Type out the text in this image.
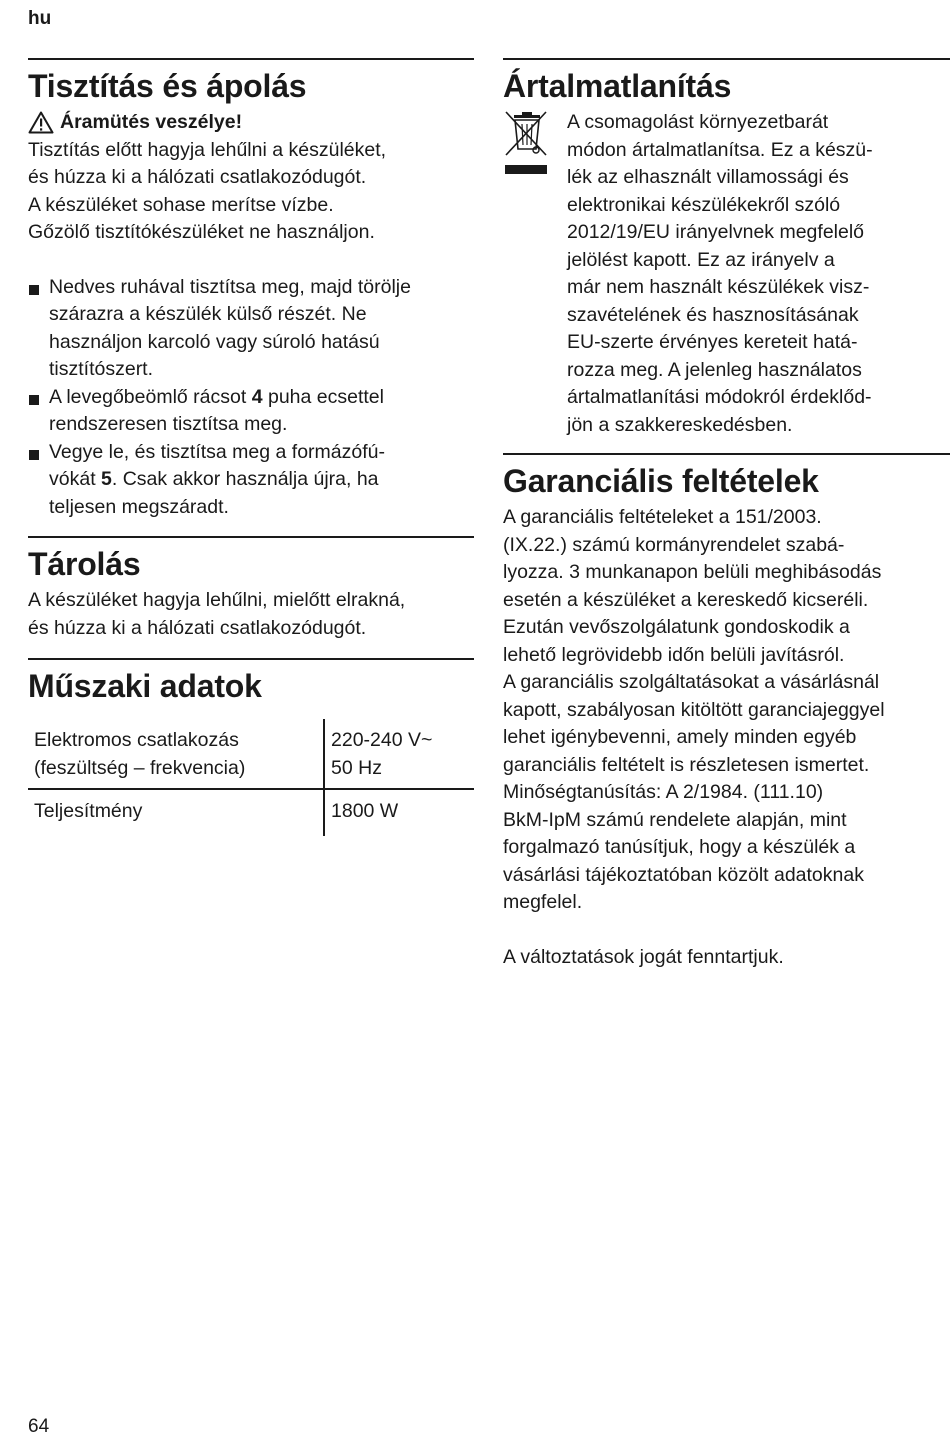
hu
Tisztítás és ápolás
Áramütés veszélye!

Tisztítás előtt hagyja lehűlni a készüléket,
és húzza ki a hálózati csatlakozódugót.
A készüléket sohase merítse vízbe.
Gőzölő tisztítókészüléket ne használjon.

Nedves ruhával tisztítsa meg, majd törölje
szárazra a készülék külső részét. Ne
használjon karcoló vagy súroló hatású
tisztítószert.
A levegőbeömlő rácsot 4 puha ecsettel
rendszeresen tisztítsa meg.
Vegye le, és tisztítsa meg a formázófú-
vókát 5. Csak akkor használja újra, ha
teljesen megszáradt.
Tárolás

A készüléket hagyja lehűlni, mielőtt elrakná,
és húzza ki a hálózati csatlakozódugót.

Műszaki adatok
Elektromos csatlakozás
(feszültség – frekvencia)	220-240 V~
50 Hz
Teljesítmény	1800 W
Ártalmatlanítás

A csomagolást környezetbarát
módon ártalmatlanítsa. Ez a készü-
lék az elhasznált villamossági és
elektronikai készülékekről szóló
2012/19/EU irányelvnek megfelelő
jelölést kapott. Ez az irányelv a
már nem használt készülékek visz-
szavételének és hasznosításának
EU-szerte érvényes kereteit hatá-
rozza meg. A jelenleg használatos
ártalmatlanítási módokról érdeklőd-
jön a szakkereskedésben.

Garanciális feltételek

A garanciális feltételeket a 151/2003.
(IX.22.) számú kormányrendelet szabá-
lyozza. 3 munkanapon belüli meghibásodás
esetén a készüléket a kereskedő kicseréli.
Ezután vevőszolgálatunk gondoskodik a
lehető legrövidebb időn belüli javításról.
A garanciális szolgáltatásokat a vásárlásnál
kapott, szabályosan kitöltött garanciajeggyel
lehet igénybevenni, amely minden egyéb
garanciális feltételt is részletesen ismertet.
Minőségtanúsítás: A 2/1984. (111.10)
BkM-IpM számú rendelete alapján, mint
forgalmazó tanúsítjuk, hogy a készülék a
vásárlási tájékoztatóban közölt adatoknak
megfelel.

A változtatások jogát fenntartjuk.

64
